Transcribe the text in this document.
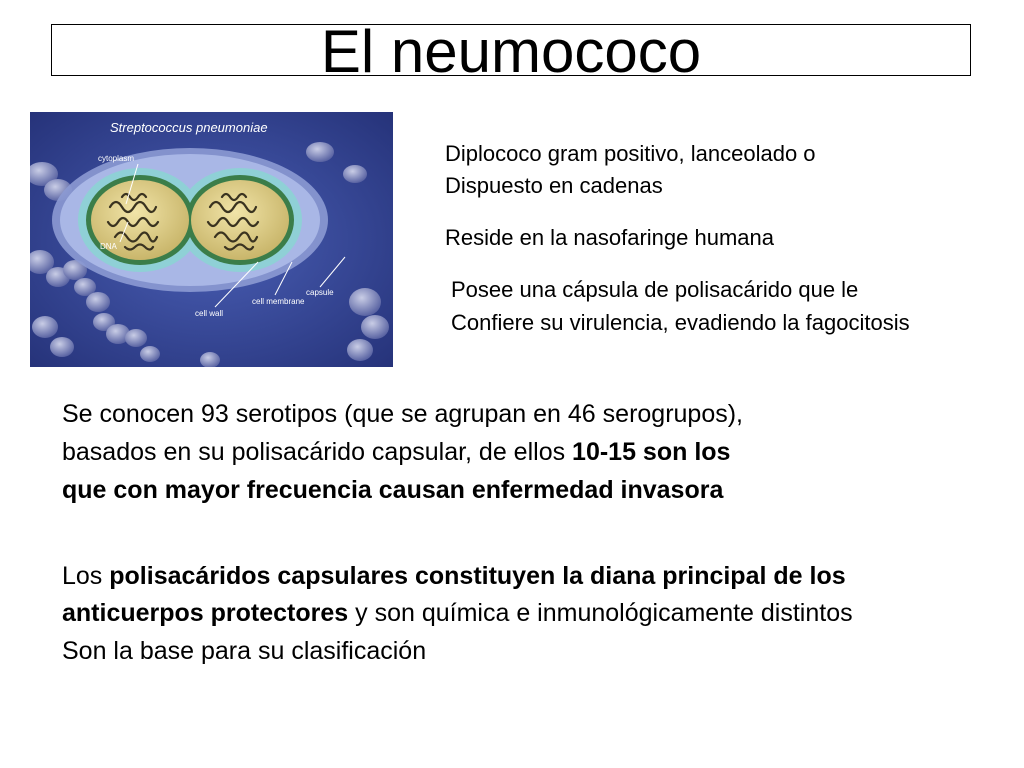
El neumococo
Streptococcus pneumoniae
cytoplasm
DNA
cell wall
cell membrane
capsule
Diplococo gram positivo, lanceolado o
Dispuesto en cadenas
Reside en la nasofaringe humana
Posee una cápsula de polisacárido que le
Confiere su virulencia, evadiendo la fagocitosis
Se conocen 93 serotipos (que se agrupan en 46 serogrupos),
basados en su polisacárido capsular, de ellos 10-15 son los
que con mayor frecuencia causan enfermedad invasora
Los polisacáridos capsulares constituyen la diana principal de los
anticuerpos protectores y son química e inmunológicamente distintos
Son la base para su clasificación
